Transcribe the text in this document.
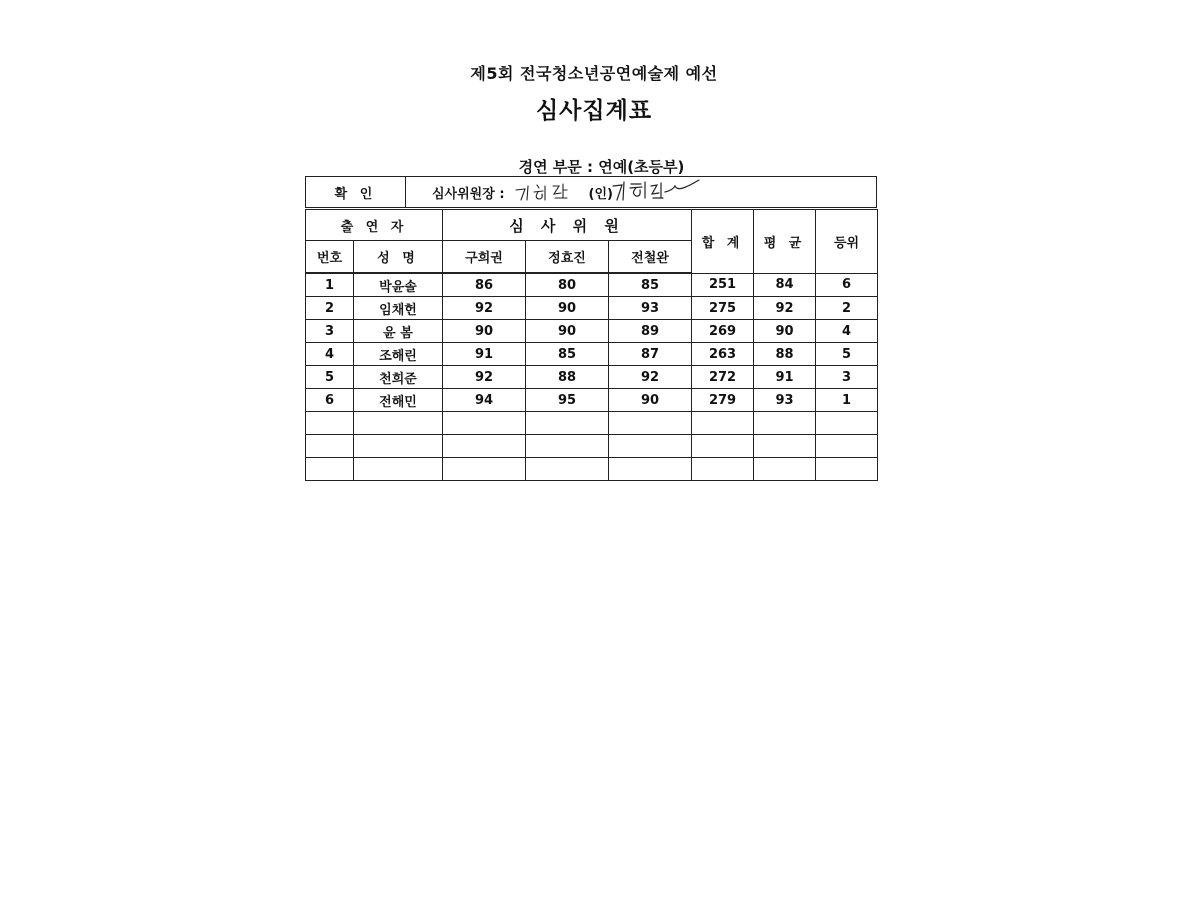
제5회 전국청소년공연예술제 예선
심사집계표
경연 부문 : 연예(초등부)
확 인	심사위원장 :	(인)
출 연 자		심 사 위 원			합 계	평 균	등위
번호	성 명	구희권	정효진	전철완			
1	박윤솔	86	80	85	251	84	6
2	임채헌	92	90	93	275	92	2
3	윤 봄	90	90	89	269	90	4
4	조해린	91	85	87	263	88	5
5	천희준	92	88	92	272	91	3
6	전해민	94	95	90	279	93	1
